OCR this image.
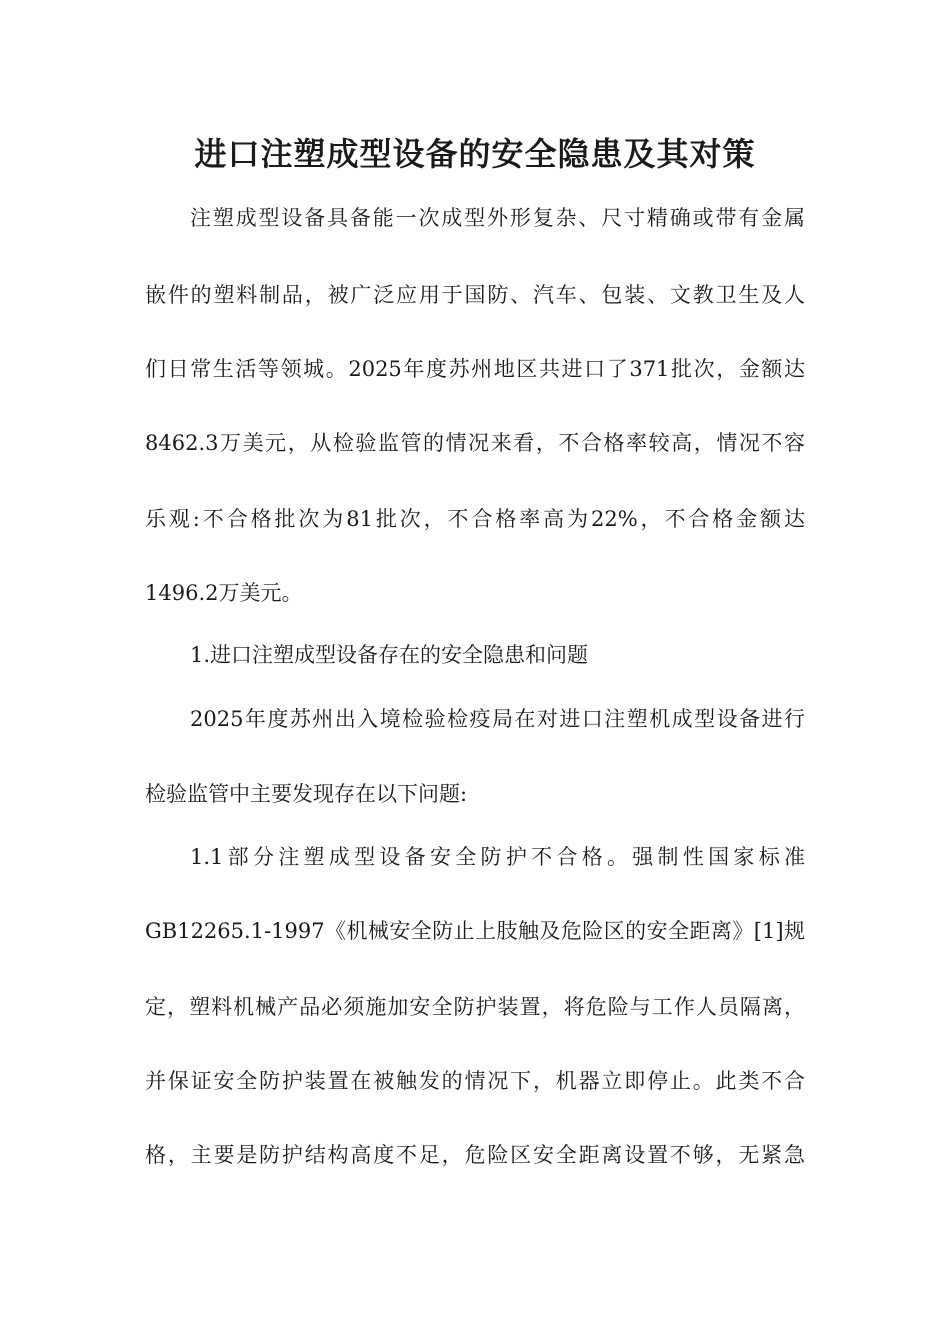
进口注塑成型设备的安全隐患及其对策

注塑成型设备具备能一次成型外形复杂、尺寸精确或带有金属

嵌件的塑料制品，被广泛应用于国防、汽车、包装、文教卫生及人

们日常生活等领城。2025年度苏州地区共进口了371批次，金额达

8462.3万美元，从检验监管的情况来看，不合格率较高，情况不容

乐观:不合格批次为81批次，不合格率高为22%，不合格金额达

1496.2万美元。

1.进口注塑成型设备存在的安全隐患和问题

2025年度苏州出入境检验检疫局在对进口注塑机成型设备进行

检验监管中主要发现存在以下问题:

1.1部分注塑成型设备安全防护不合格。强制性国家标准

GB12265.1-1997《机械安全防止上肢触及危险区的安全距离》[1]规

定，塑料机械产品必须施加安全防护装置，将危险与工作人员隔离，

并保证安全防护装置在被触发的情况下，机器立即停止。此类不合

格，主要是防护结构高度不足，危险区安全距离设置不够，无紧急
